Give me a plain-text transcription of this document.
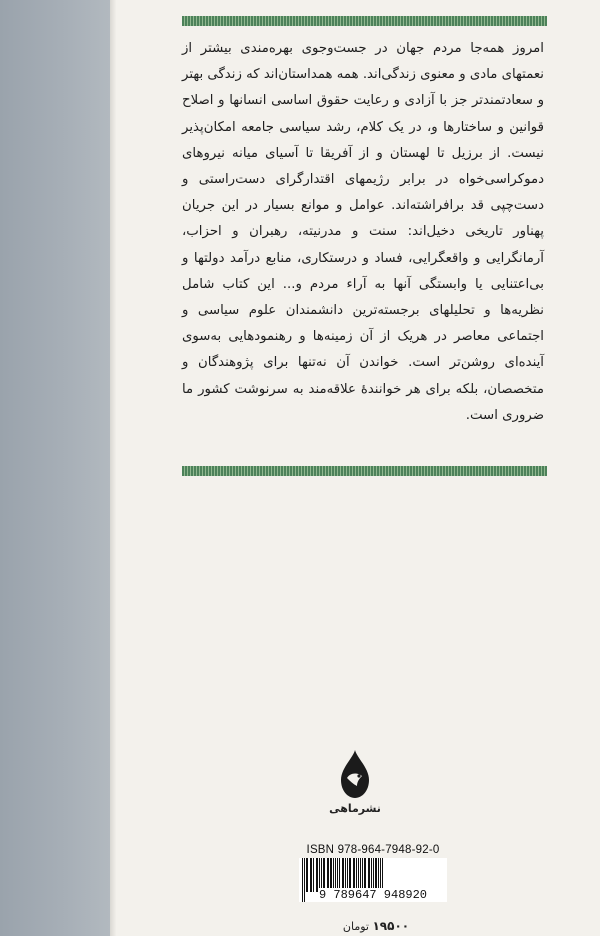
امروز همه‌جا مردم جهان در جست‌وجوی بهره‌مندی بیشتر از نعمتهای مادی و معنوی زندگی‌اند. همه همداستان‌اند که زندگی بهتر و سعادتمندتر جز با آزادی و رعایت حقوق اساسی انسانها و اصلاح قوانین و ساختارها و، در یک کلام، رشد سیاسی جامعه امکان‌پذیر نیست. از برزیل تا لهستان و از آفریقا تا آسیای میانه نیروهای دموکراسی‌خواه در برابر رژیمهای اقتدارگرای دست‌راستی و دست‌چپی قد برافراشته‌اند. عوامل و موانع بسیار در این جریان پهناور تاریخی دخیل‌اند: سنت و مدرنیته، رهبران و احزاب، آرمانگرایی و واقعگرایی، فساد و درستکاری، منابع درآمد دولتها و بی‌اعتنایی یا وابستگی آنها به آراء مردم و... این کتاب شامل نظریه‌ها و تحلیلهای برجسته‌ترین دانشمندان علوم سیاسی و اجتماعی معاصر در هریک از آن زمینه‌ها و رهنمودهایی به‌سوی آینده‌ای روشن‌تر است. خواندن آن نه‌تنها برای پژوهندگان و متخصصان، بلکه برای هر خوانندهٔ علاقه‌مند به سرنوشت کشور ما ضروری است.

نشرماهی
ISBN 978-964-7948-92-0
9 789647 948920
۱۹۵۰۰ تومان
